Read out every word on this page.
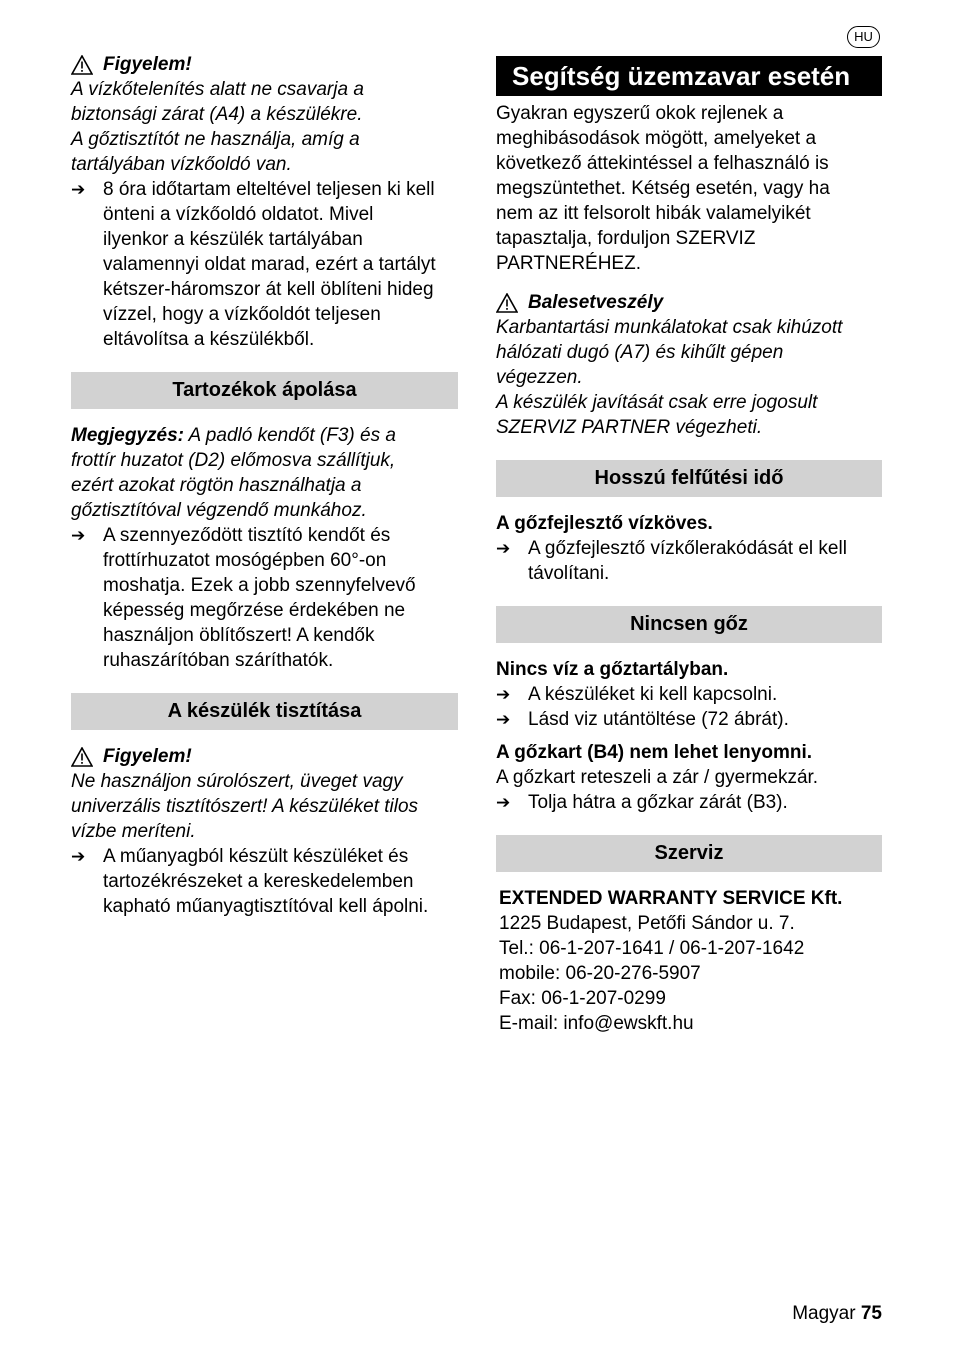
HU
Figyelem!
A vízkőtelenítés alatt ne csavarja a
biztonsági zárat (A4) a készülékre.
A gőztisztítót ne használja, amíg a
tartályában vízkőoldó van.
➔ 8 óra időtartam elteltével teljesen ki kell
önteni a vízkőoldó oldatot. Mivel
ilyenkor a készülék tartályában
valamennyi oldat marad, ezért a tartályt
kétszer-háromszor át kell öblíteni hideg
vízzel, hogy a vízkőoldót teljesen
eltávolítsa a készülékből.
Tartozékok ápolása
Megjegyzés: A padló kendőt (F3) és a
frottír huzatot (D2) előmosva szállítjuk,
ezért azokat rögtön használhatja a
gőztisztítóval végzendő munkához.
➔ A szennyeződött tisztító kendőt és
frottírhuzatot mosógépben 60°-on
moshatja. Ezek a jobb szennyfelvevő
képesség megőrzése érdekében ne
használjon öblítőszert! A kendők
ruhaszárítóban száríthatók.
A készülék tisztítása
Figyelem!
Ne használjon súrolószert, üveget vagy
univerzális tisztítószert! A készüléket tilos
vízbe meríteni.
➔ A műanyagból készült készüléket és
tartozékrészeket a kereskedelemben
kapható műanyagtisztítóval kell ápolni.
Segítség üzemzavar esetén
Gyakran egyszerű okok rejlenek a
meghibásodások mögött, amelyeket a
következő áttekintéssel a felhasználó is
megszüntethet. Kétség esetén, vagy ha
nem az itt felsorolt hibák valamelyikét
tapasztalja, forduljon SZERVIZ
PARTNERÉHEZ.
Balesetveszély
Karbantartási munkálatokat csak kihúzott
hálózati dugó (A7) és kihűlt gépen
végezzen.
A készülék javítását csak erre jogosult
SZERVIZ PARTNER végezheti.
Hosszú felfűtési idő
A gőzfejlesztő vízköves.
➔ A gőzfejlesztő vízkőlerakódását el kell
távolítani.
Nincsen gőz
Nincs víz a gőztartályban.
➔ A készüléket ki kell kapcsolni.
➔ Lásd viz utántöltése (72 ábrát).
A gőzkart (B4) nem lehet lenyomni.
A gőzkart reteszeli a zár / gyermekzár.
➔ Tolja hátra a gőzkar zárát (B3).
Szerviz
EXTENDED WARRANTY SERVICE Kft.
1225 Budapest, Petőfi Sándor u. 7.
Tel.: 06-1-207-1641 / 06-1-207-1642
mobile: 06-20-276-5907
Fax: 06-1-207-0299
E-mail: info@ewskft.hu
Magyar 75
